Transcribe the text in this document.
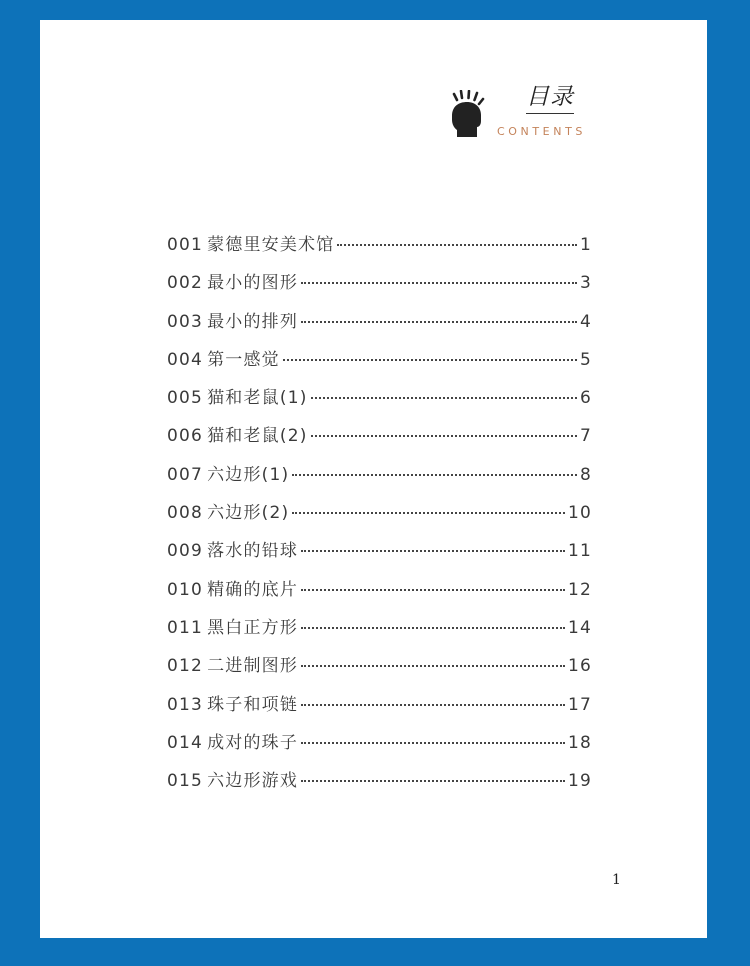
目录
CONTENTS
001 蒙德里安美术馆	1
002 最小的图形	3
003 最小的排列	4
004 第一感觉	5
005 猫和老鼠(1)	6
006 猫和老鼠(2)	7
007 六边形(1)	8
008 六边形(2)	10
009 落水的铅球	11
010 精确的底片	12
011 黑白正方形	14
012 二进制图形	16
013 珠子和项链	17
014 成对的珠子	18
015 六边形游戏	19
1
